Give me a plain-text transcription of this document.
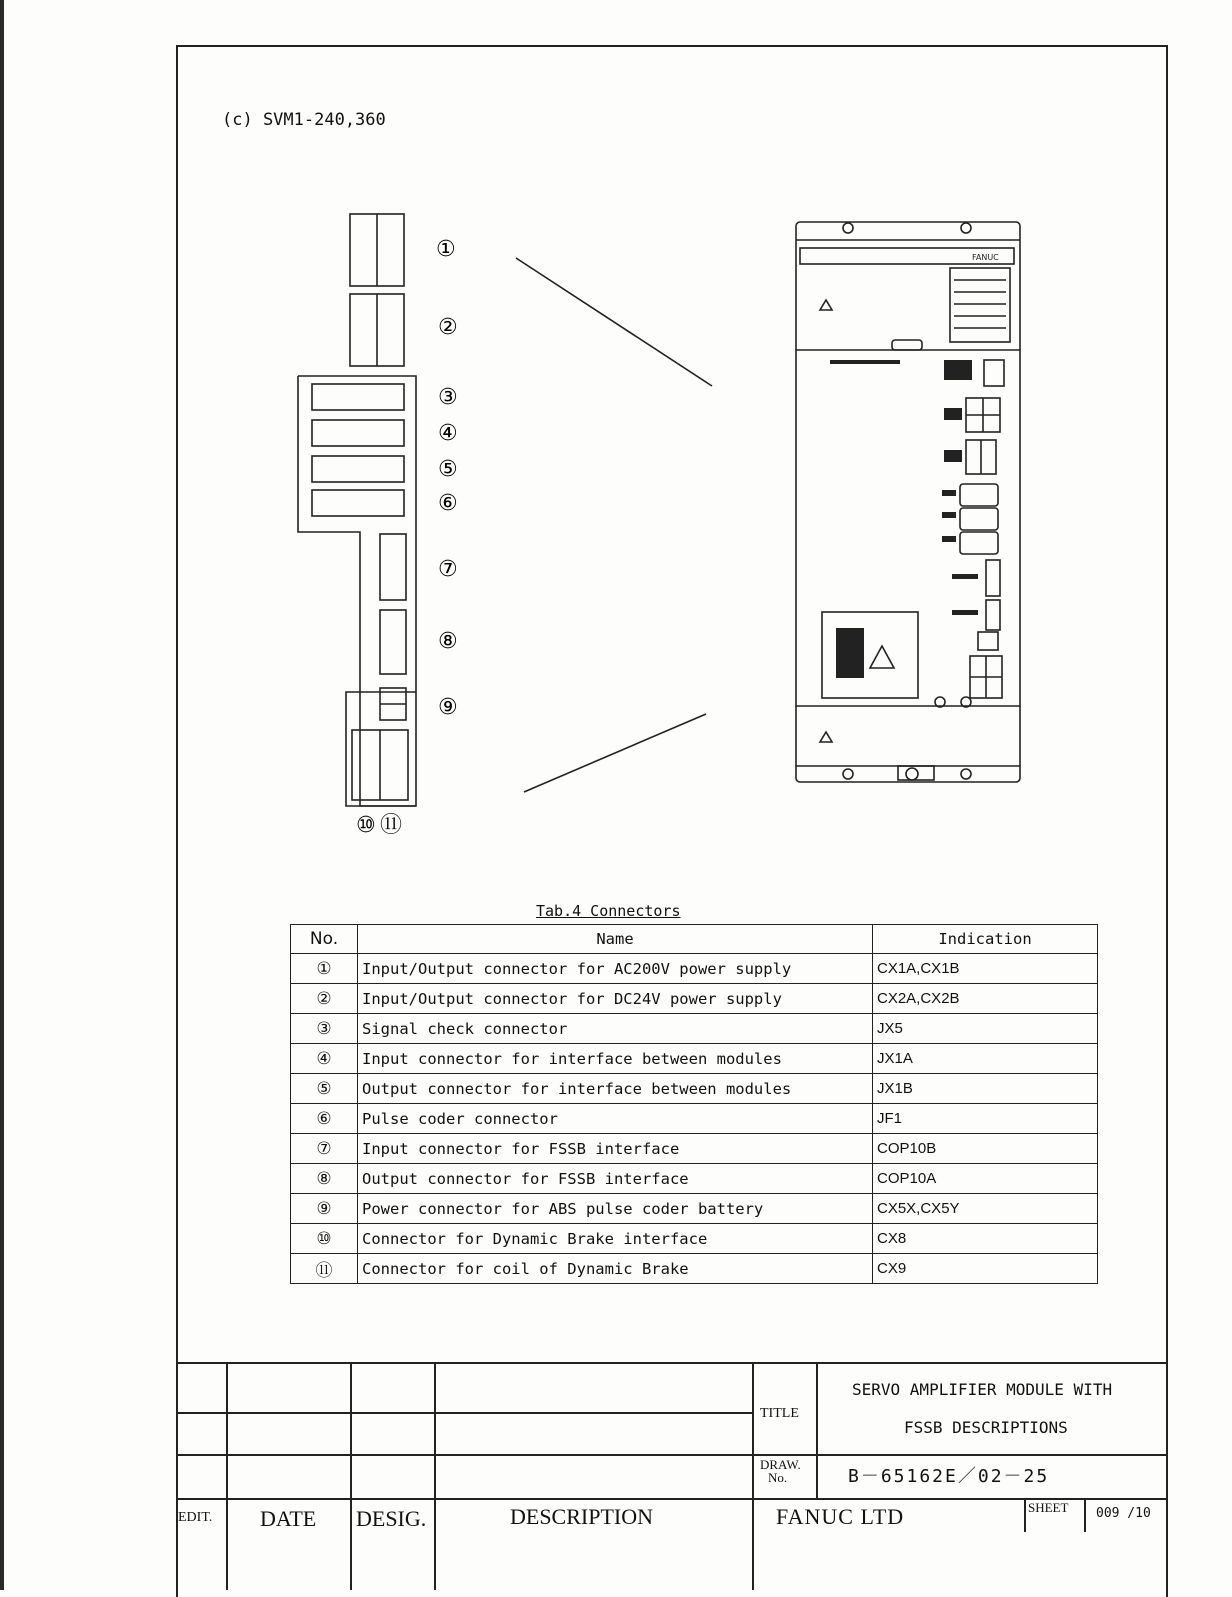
(c) SVM1-240,360
①
②
③
④
⑤
⑥
⑦
⑧
⑨
⑩ ⑪
FANUC
Tab.4 Connectors
No.	Name	Indication
①	Input/Output connector for AC200V power supply	CX1A,CX1B
②	Input/Output connector for DC24V power supply	CX2A,CX2B
③	Signal check connector	JX5
④	Input connector for interface between modules	JX1A
⑤	Output connector for interface between modules	JX1B
⑥	Pulse coder connector	JF1
⑦	Input connector for FSSB interface	COP10B
⑧	Output connector for FSSB interface	COP10A
⑨	Power connector for ABS pulse coder battery	CX5X,CX5Y
⑩	Connector for Dynamic Brake interface	CX8
⑪	Connector for coil of Dynamic Brake	CX9
TITLE
SERVO AMPLIFIER MODULE WITH
FSSB DESCRIPTIONS
DRAW.
No.	B－65162E／02－25
EDIT. DATE DESIG.	DESCRIPTION	FANUC LTD	SHEET 009 /10
